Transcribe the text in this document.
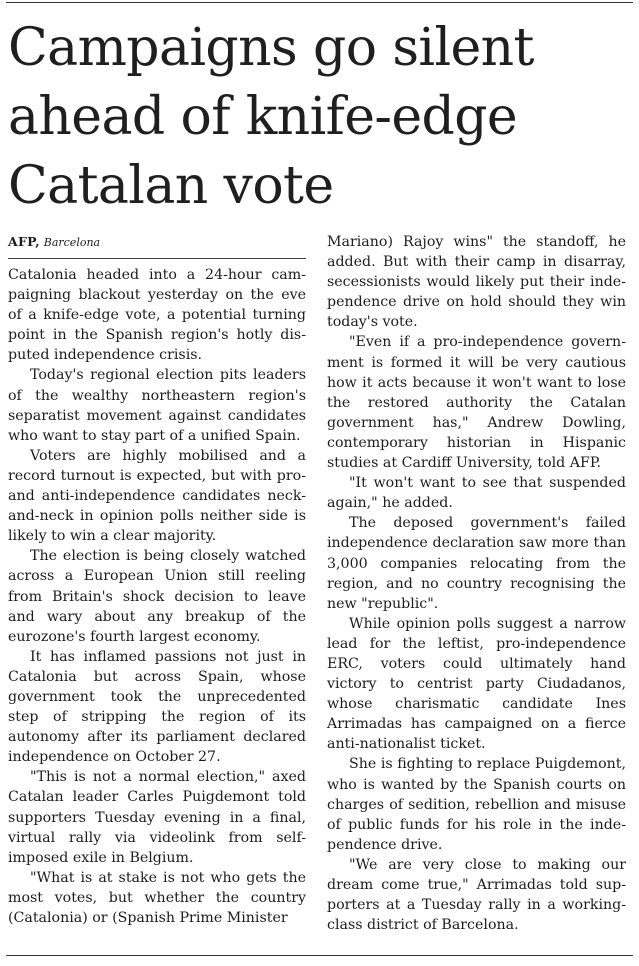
Campaigns go silent ahead of knife-edge Catalan vote
AFP, Barcelona

Catalonia headed into a 24-hour campaigning blackout yesterday on the eve of a knife-edge vote, a potential turning point in the Spanish region's hotly disputed independence crisis.

Today's regional election pits leaders of the wealthy northeastern region's separatist movement against candidates who want to stay part of a unified Spain.

Voters are highly mobilised and a record turnout is expected, but with pro- and anti-independence candidates neck-and-neck in opinion polls neither side is likely to win a clear majority.

The election is being closely watched across a European Union still reeling from Britain's shock decision to leave and wary about any breakup of the eurozone's fourth largest economy.

It has inflamed passions not just in Catalonia but across Spain, whose government took the unprecedented step of stripping the region of its autonomy after its parliament declared independence on October 27.

"This is not a normal election," axed Catalan leader Carles Puigdemont told supporters Tuesday evening in a final, virtual rally via videolink from self-imposed exile in Belgium.

"What is at stake is not who gets the most votes, but whether the country (Catalonia) or (Spanish Prime Minister

Mariano) Rajoy wins" the standoff, he added. But with their camp in disarray, secessionists would likely put their independence drive on hold should they win today's vote.

"Even if a pro-independence government is formed it will be very cautious how it acts because it won't want to lose the restored authority the Catalan government has," Andrew Dowling, contemporary historian in Hispanic studies at Cardiff University, told AFP.

"It won't want to see that suspended again," he added.

The deposed government's failed independence declaration saw more than 3,000 companies relocating from the region, and no country recognising the new "republic".

While opinion polls suggest a narrow lead for the leftist, pro-independence ERC, voters could ultimately hand victory to centrist party Ciudadanos, whose charismatic candidate Ines Arrimadas has campaigned on a fierce anti-nationalist ticket.

She is fighting to replace Puigdemont, who is wanted by the Spanish courts on charges of sedition, rebellion and misuse of public funds for his role in the independence drive.

"We are very close to making our dream come true," Arrimadas told supporters at a Tuesday rally in a working-class district of Barcelona.
